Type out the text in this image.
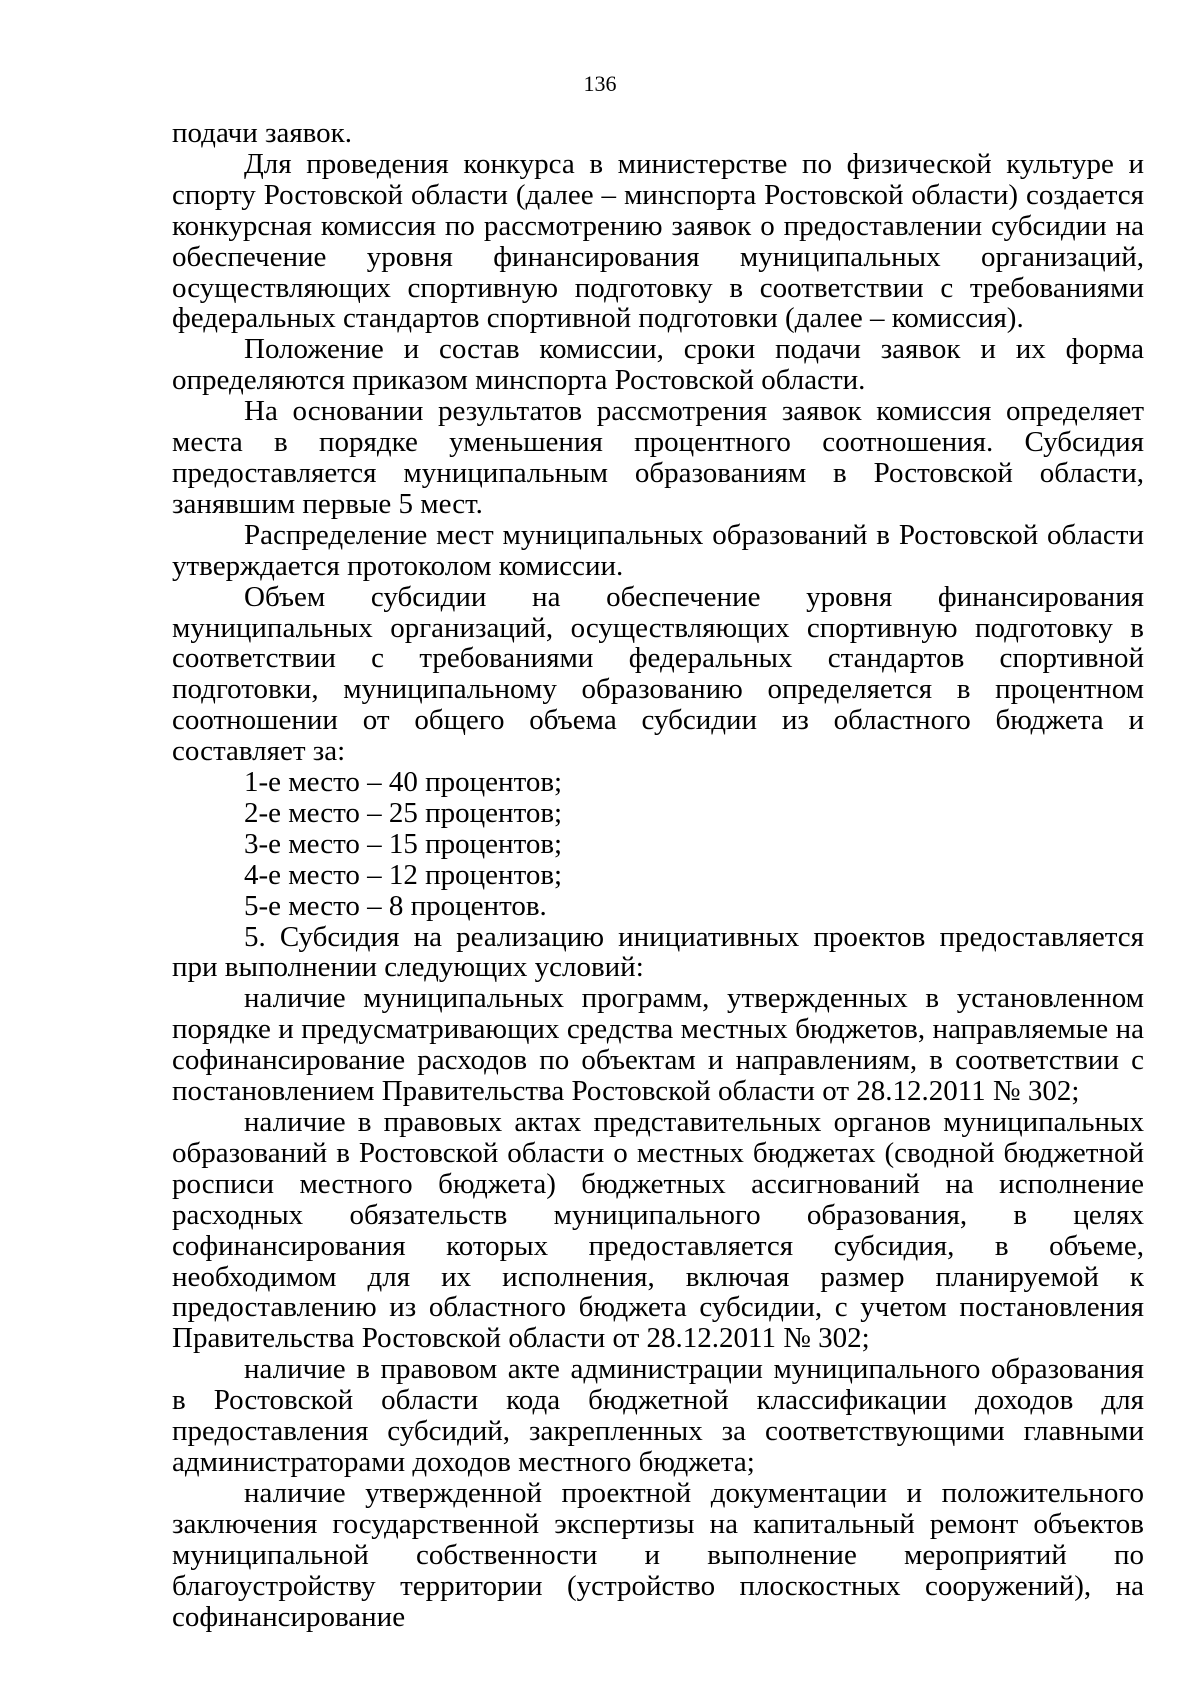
136

подачи заявок.

Для проведения конкурса в министерстве по физической культуре и спорту Ростовской области (далее – минспорта Ростовской области) создается конкурсная комиссия по рассмотрению заявок о предоставлении субсидии на обеспечение уровня финансирования муниципальных организаций, осуществляющих спортивную подготовку в соответствии с требованиями федеральных стандартов спортивной подготовки (далее – комиссия).

Положение и состав комиссии, сроки подачи заявок и их форма определяются приказом минспорта Ростовской области.

На основании результатов рассмотрения заявок комиссия определяет места в порядке уменьшения процентного соотношения. Субсидия предоставляется муниципальным образованиям в Ростовской области, занявшим первые 5 мест.

Распределение мест муниципальных образований в Ростовской области утверждается протоколом комиссии.

Объем субсидии на обеспечение уровня финансирования муниципальных организаций, осуществляющих спортивную подготовку в соответствии с требованиями федеральных стандартов спортивной подготовки, муниципальному образованию определяется в процентном соотношении от общего объема субсидии из областного бюджета и составляет за:

1-е место – 40 процентов;

2-е место – 25 процентов;

3-е место – 15 процентов;

4-е место – 12 процентов;

5-е место – 8 процентов.

5. Субсидия на реализацию инициативных проектов предоставляется при выполнении следующих условий:

наличие муниципальных программ, утвержденных в установленном порядке и предусматривающих средства местных бюджетов, направляемые на софинансирование расходов по объектам и направлениям, в соответствии с постановлением Правительства Ростовской области от 28.12.2011 № 302;

наличие в правовых актах представительных органов муниципальных образований в Ростовской области о местных бюджетах (сводной бюджетной росписи местного бюджета) бюджетных ассигнований на исполнение расходных обязательств муниципального образования, в целях софинансирования которых предоставляется субсидия, в объеме, необходимом для их исполнения, включая размер планируемой к предоставлению из областного бюджета субсидии, с учетом постановления Правительства Ростовской области от 28.12.2011 № 302;

наличие в правовом акте администрации муниципального образования в Ростовской области кода бюджетной классификации доходов для предоставления субсидий, закрепленных за соответствующими главными администраторами доходов местного бюджета;

наличие утвержденной проектной документации и положительного заключения государственной экспертизы на капитальный ремонт объектов муниципальной собственности и выполнение мероприятий по благоустройству территории (устройство плоскостных сооружений), на софинансирование
